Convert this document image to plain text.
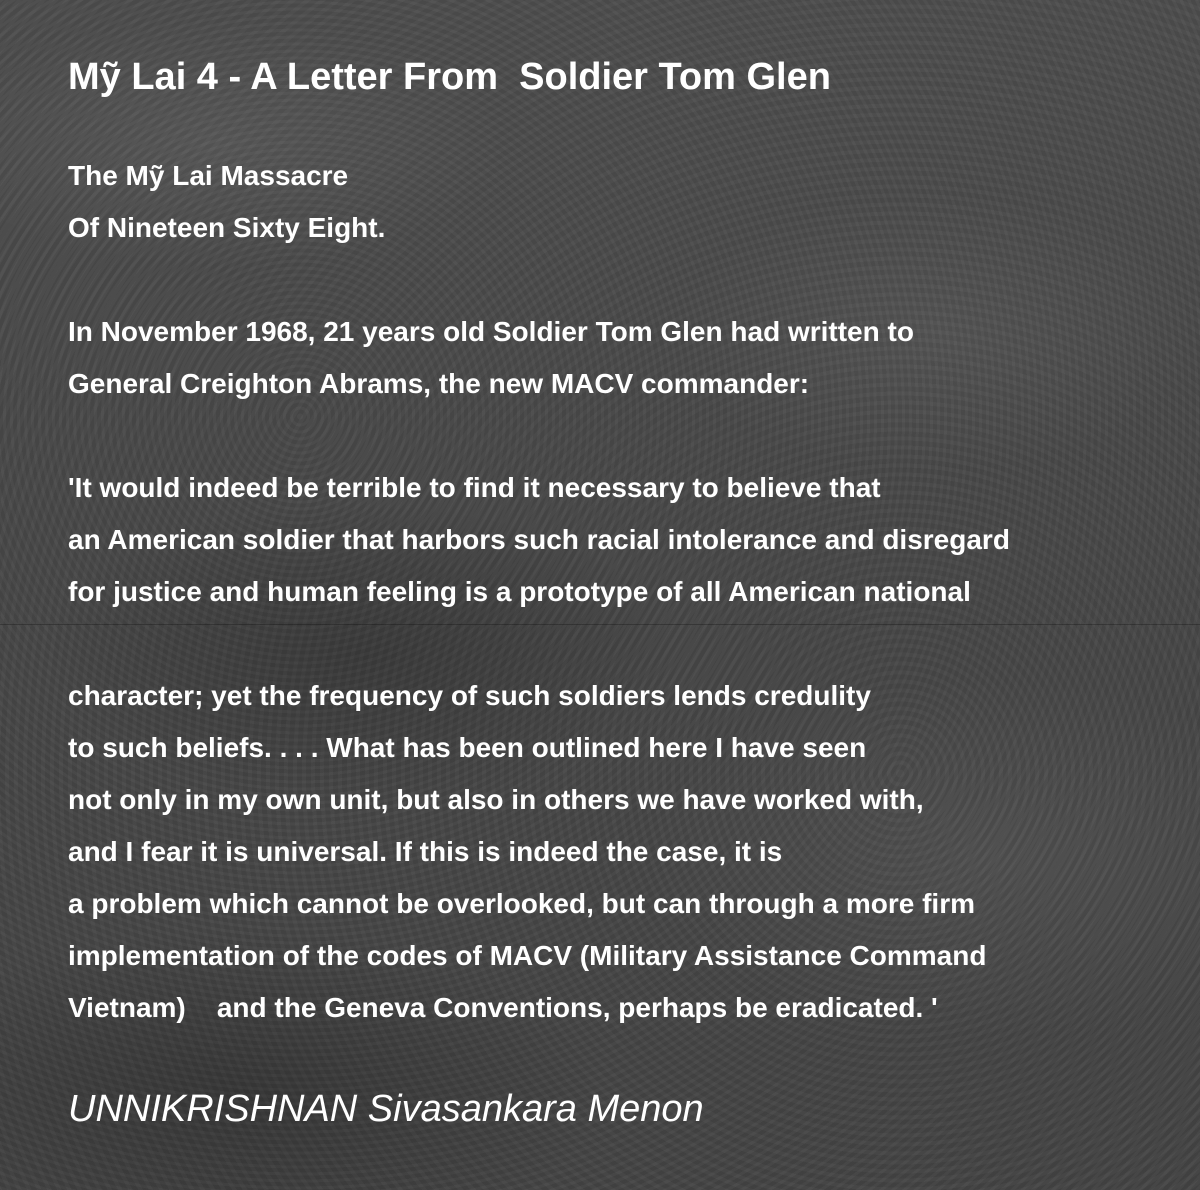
Mỹ Lai 4 - A Letter From  Soldier Tom Glen
The Mỹ Lai Massacre
Of Nineteen Sixty Eight.
In November 1968, 21 years old Soldier Tom Glen had written to
General Creighton Abrams, the new MACV commander:
'It would indeed be terrible to find it necessary to believe that
an American soldier that harbors such racial intolerance and disregard
for justice and human feeling is a prototype of all American national
character; yet the frequency of such soldiers lends credulity
to such beliefs. . . . What has been outlined here I have seen
not only in my own unit, but also in others we have worked with,
and I fear it is universal. If this is indeed the case, it is
a problem which cannot be overlooked, but can through a more firm
implementation of the codes of MACV (Military Assistance Command
Vietnam)    and the Geneva Conventions, perhaps be eradicated. '

UNNIKRISHNAN Sivasankara Menon
